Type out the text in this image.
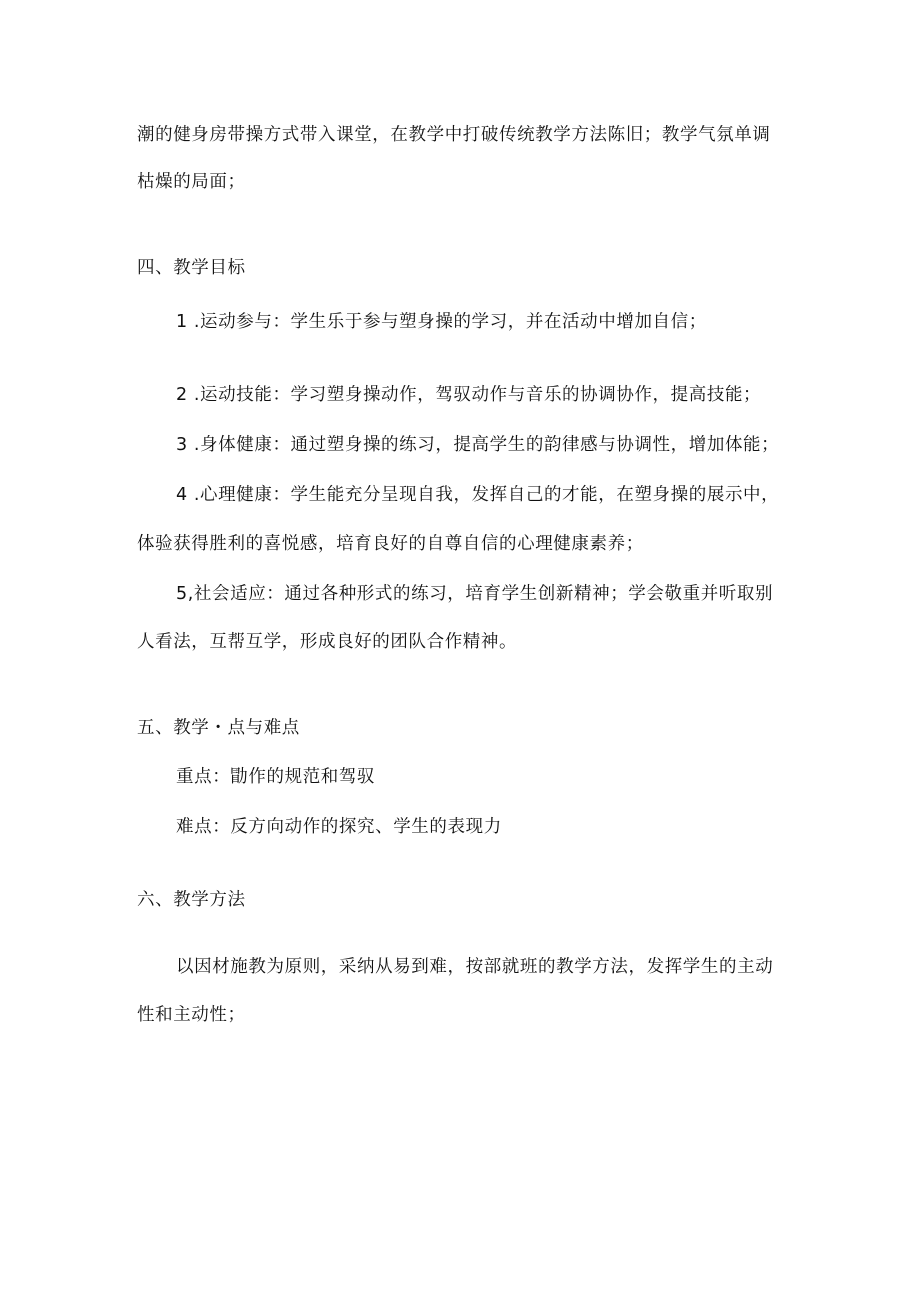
潮的健身房带操方式带入课堂，在教学中打破传统教学方法陈旧；教学气氛单调
枯燥的局面；
四、教学目标
1 .运动参与：学生乐于参与塑身操的学习，并在活动中增加自信；
2 .运动技能：学习塑身操动作，驾驭动作与音乐的协调协作，提高技能；
3 .身体健康：通过塑身操的练习，提高学生的韵律感与协调性，增加体能；
4 .心理健康：学生能充分呈现自我，发挥自己的才能，在塑身操的展示中，
体验获得胜利的喜悦感，培育良好的自尊自信的心理健康素养；
5,社会适应：通过各种形式的练习，培育学生创新精神；学会敬重并听取别
人看法，互帮互学，形成良好的团队合作精神。
五、教学・点与难点
重点：勖作的规范和驾驭
难点：反方向动作的探究、学生的表现力
六、教学方法
以因材施教为原则，采纳从易到难，按部就班的教学方法，发挥学生的主动
性和主动性；
